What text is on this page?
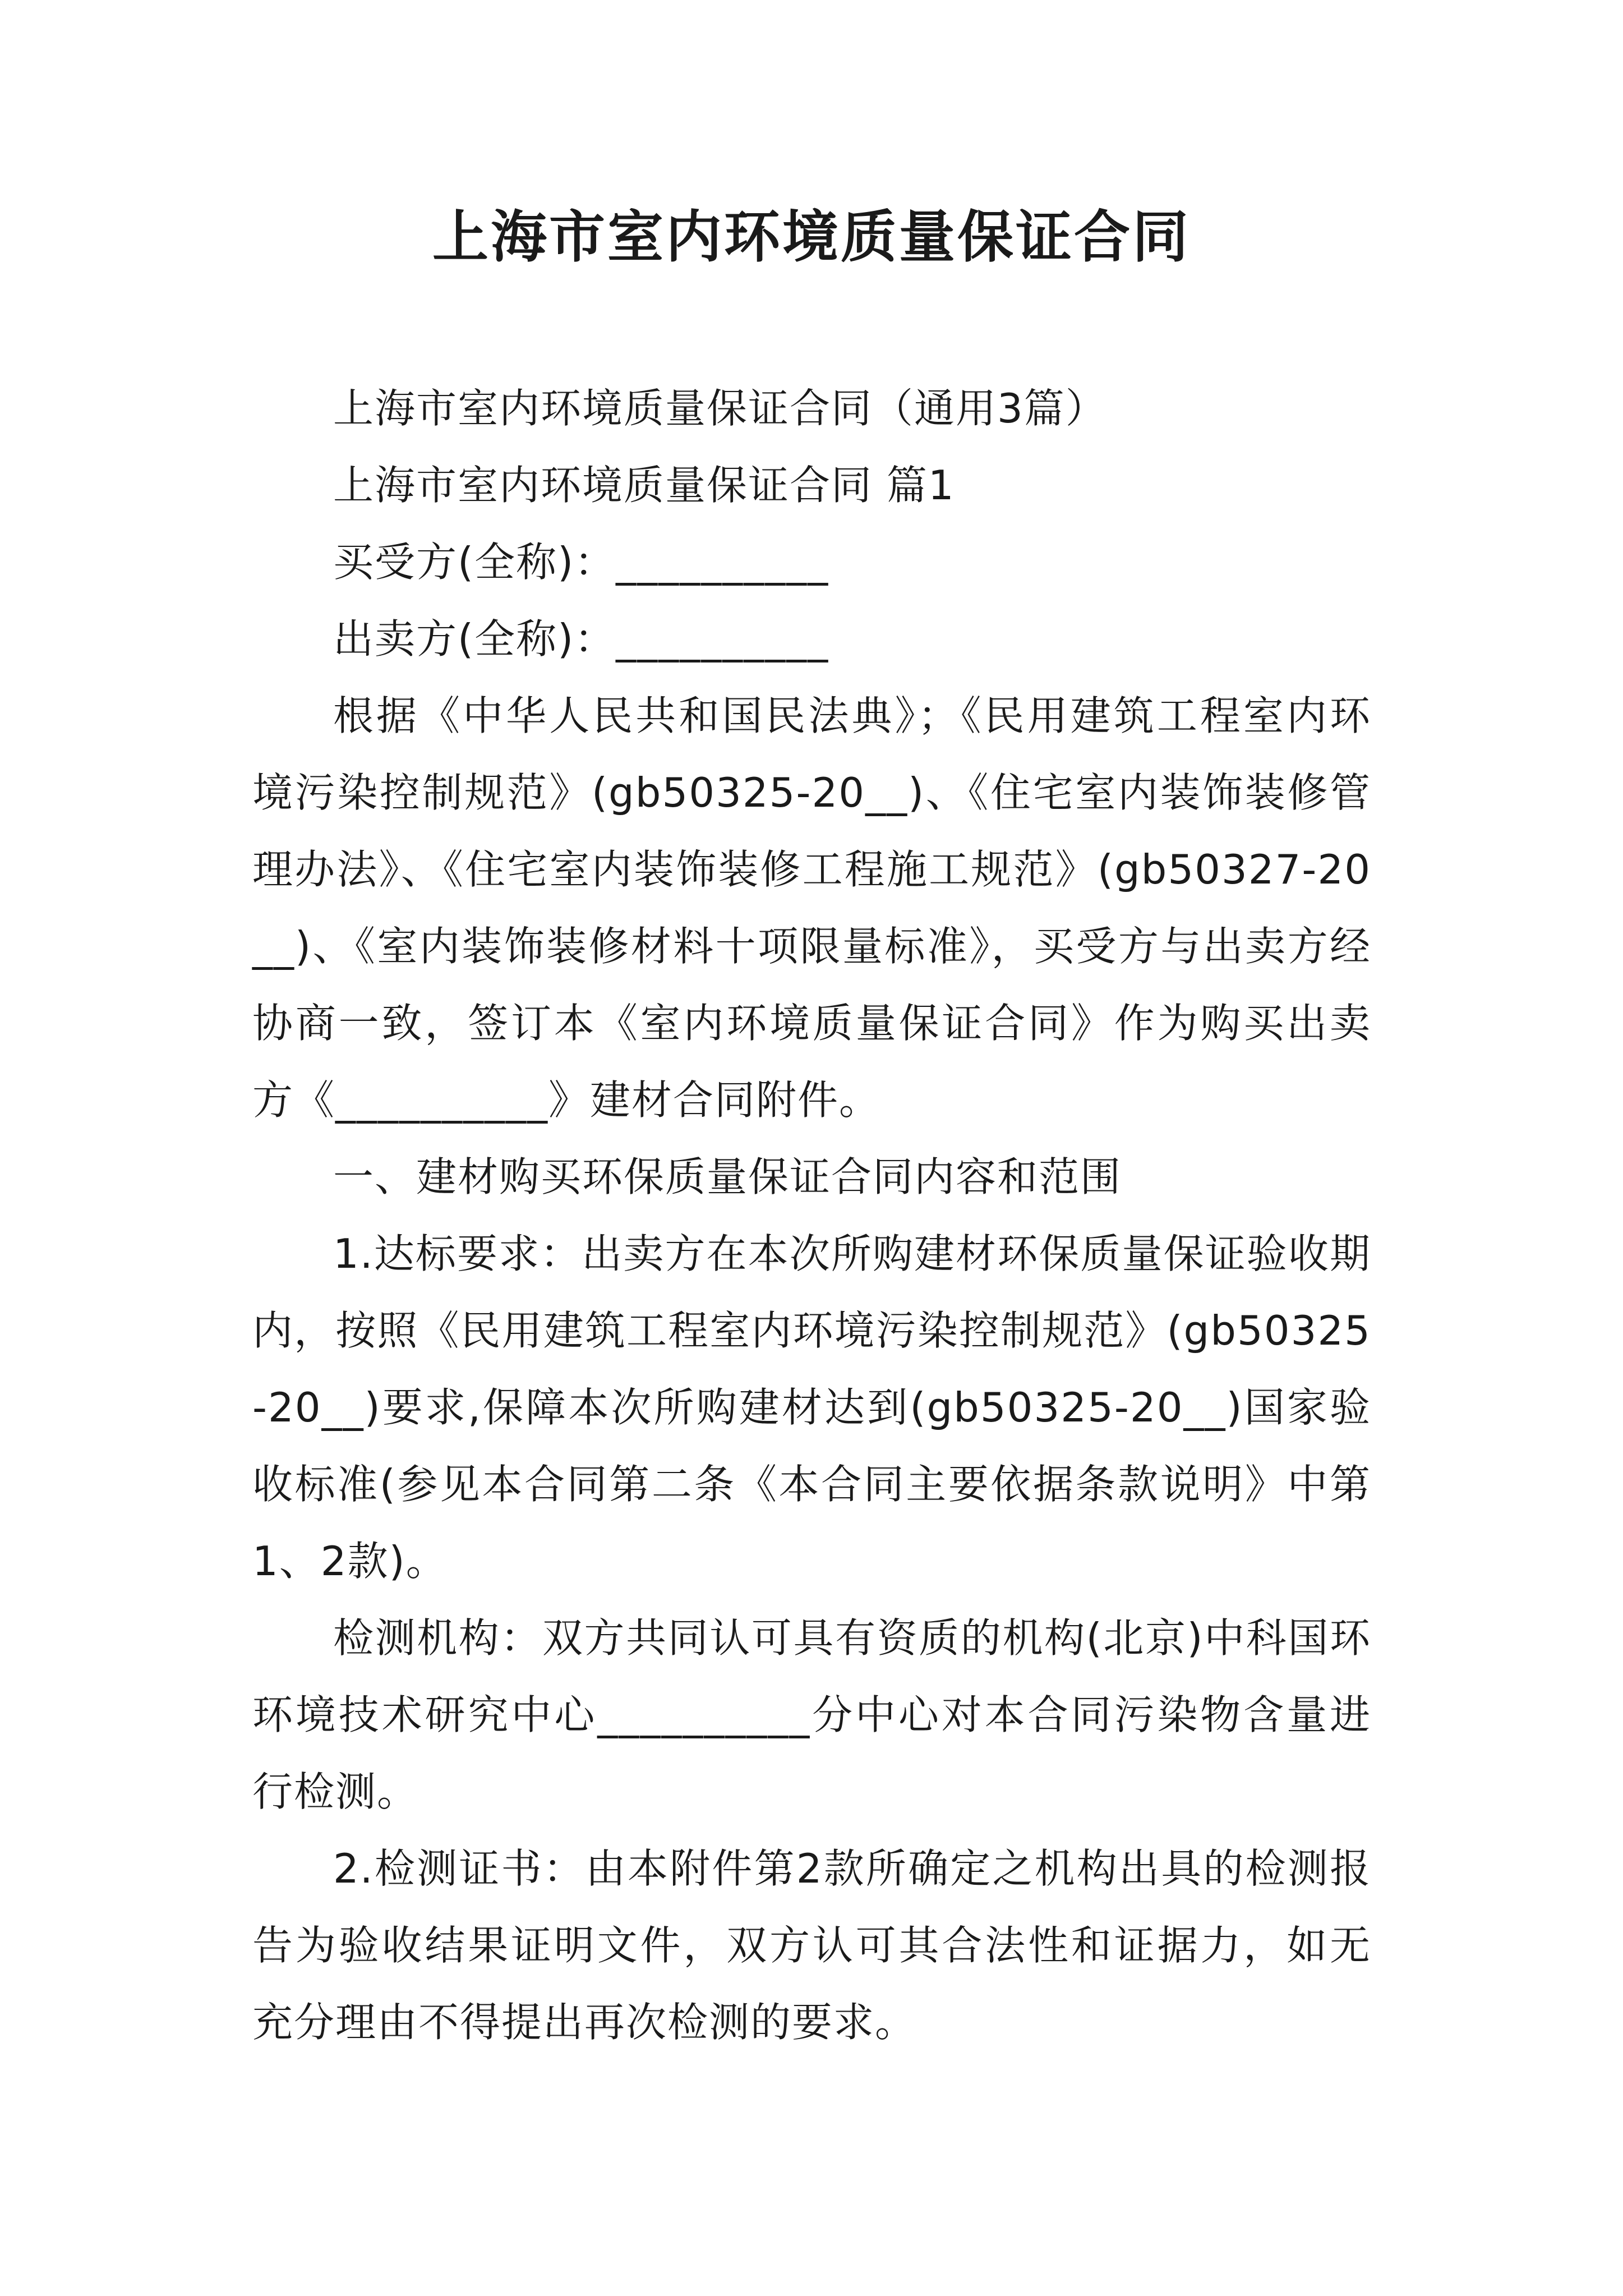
上海市室内环境质量保证合同

上海市室内环境质量保证合同（通用3篇）

上海市室内环境质量保证合同 篇1

买受方(全称)：__________

出卖方(全称)：__________

根据《中华人民共和国民法典》；《民用建筑工程室内环境污染控制规范》(gb50325-20__)、《住宅室内装饰装修管理办法》、《住宅室内装饰装修工程施工规范》(gb50327-20__)、《室内装饰装修材料十项限量标准》，买受方与出卖方经协商一致，签订本《室内环境质量保证合同》作为购买出卖方《__________》建材合同附件。

一、建材购买环保质量保证合同内容和范围

1.达标要求：出卖方在本次所购建材环保质量保证验收期内，按照《民用建筑工程室内环境污染控制规范》(gb50325-20__)要求,保障本次所购建材达到(gb50325-20__)国家验收标准(参见本合同第二条《本合同主要依据条款说明》中第1、2款)。

检测机构：双方共同认可具有资质的机构(北京)中科国环环境技术研究中心__________分中心对本合同污染物含量进行检测。

2.检测证书：由本附件第2款所确定之机构出具的检测报告为验收结果证明文件，双方认可其合法性和证据力，如无充分理由不得提出再次检测的要求。
